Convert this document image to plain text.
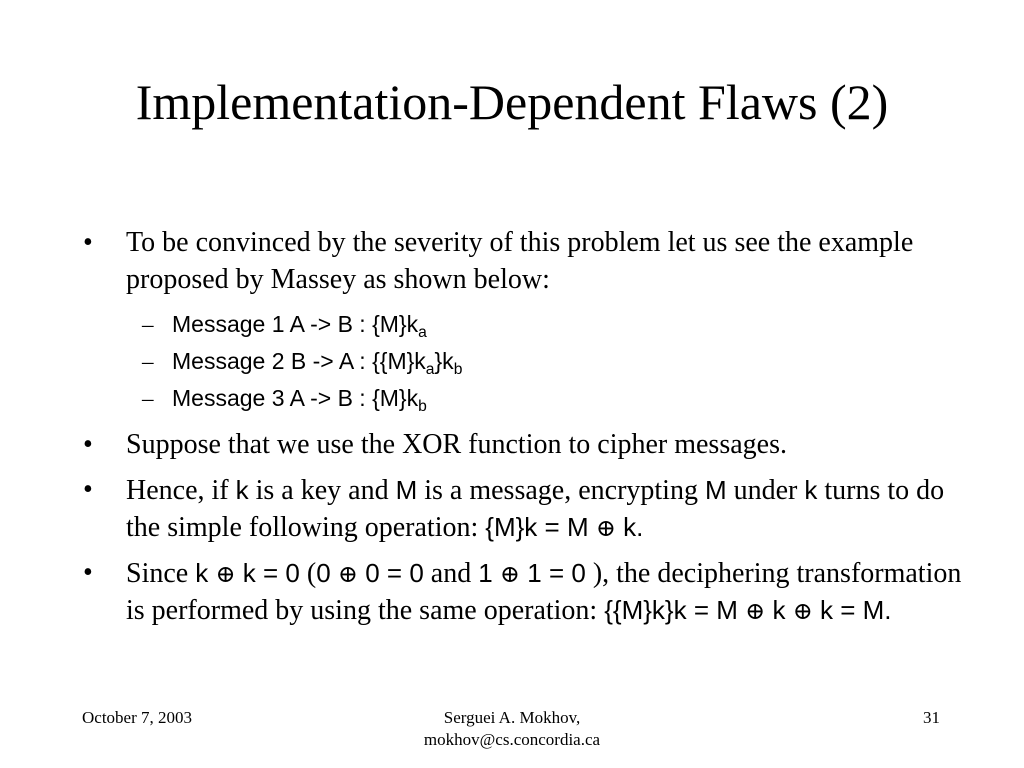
Implementation-Dependent Flaws (2)
• To be convinced by the severity of this problem let us see the example proposed by Massey as shown below:
– Message 1 A -> B : $\{M\}k_a$
– Message 2 B -> A : $\{\{M\}k_a\}k_b$
– Message 3 A -> B : $\{M\}k_b$
• Suppose that we use the XOR function to cipher messages.
• Hence, if k is a key and M is a message, encrypting M under k turns to do the simple following operation: {M}k = M ⊕ k.
• Since k ⊕ k = 0 (0 ⊕ 0 = 0 and 1 ⊕ 1 = 0 ), the deciphering transformation is performed by using the same operation: {{M}k}k = M ⊕ k ⊕ k = M.
October 7, 2003	Serguei A. Mokhov,
mokhov@cs.concordia.ca
31
